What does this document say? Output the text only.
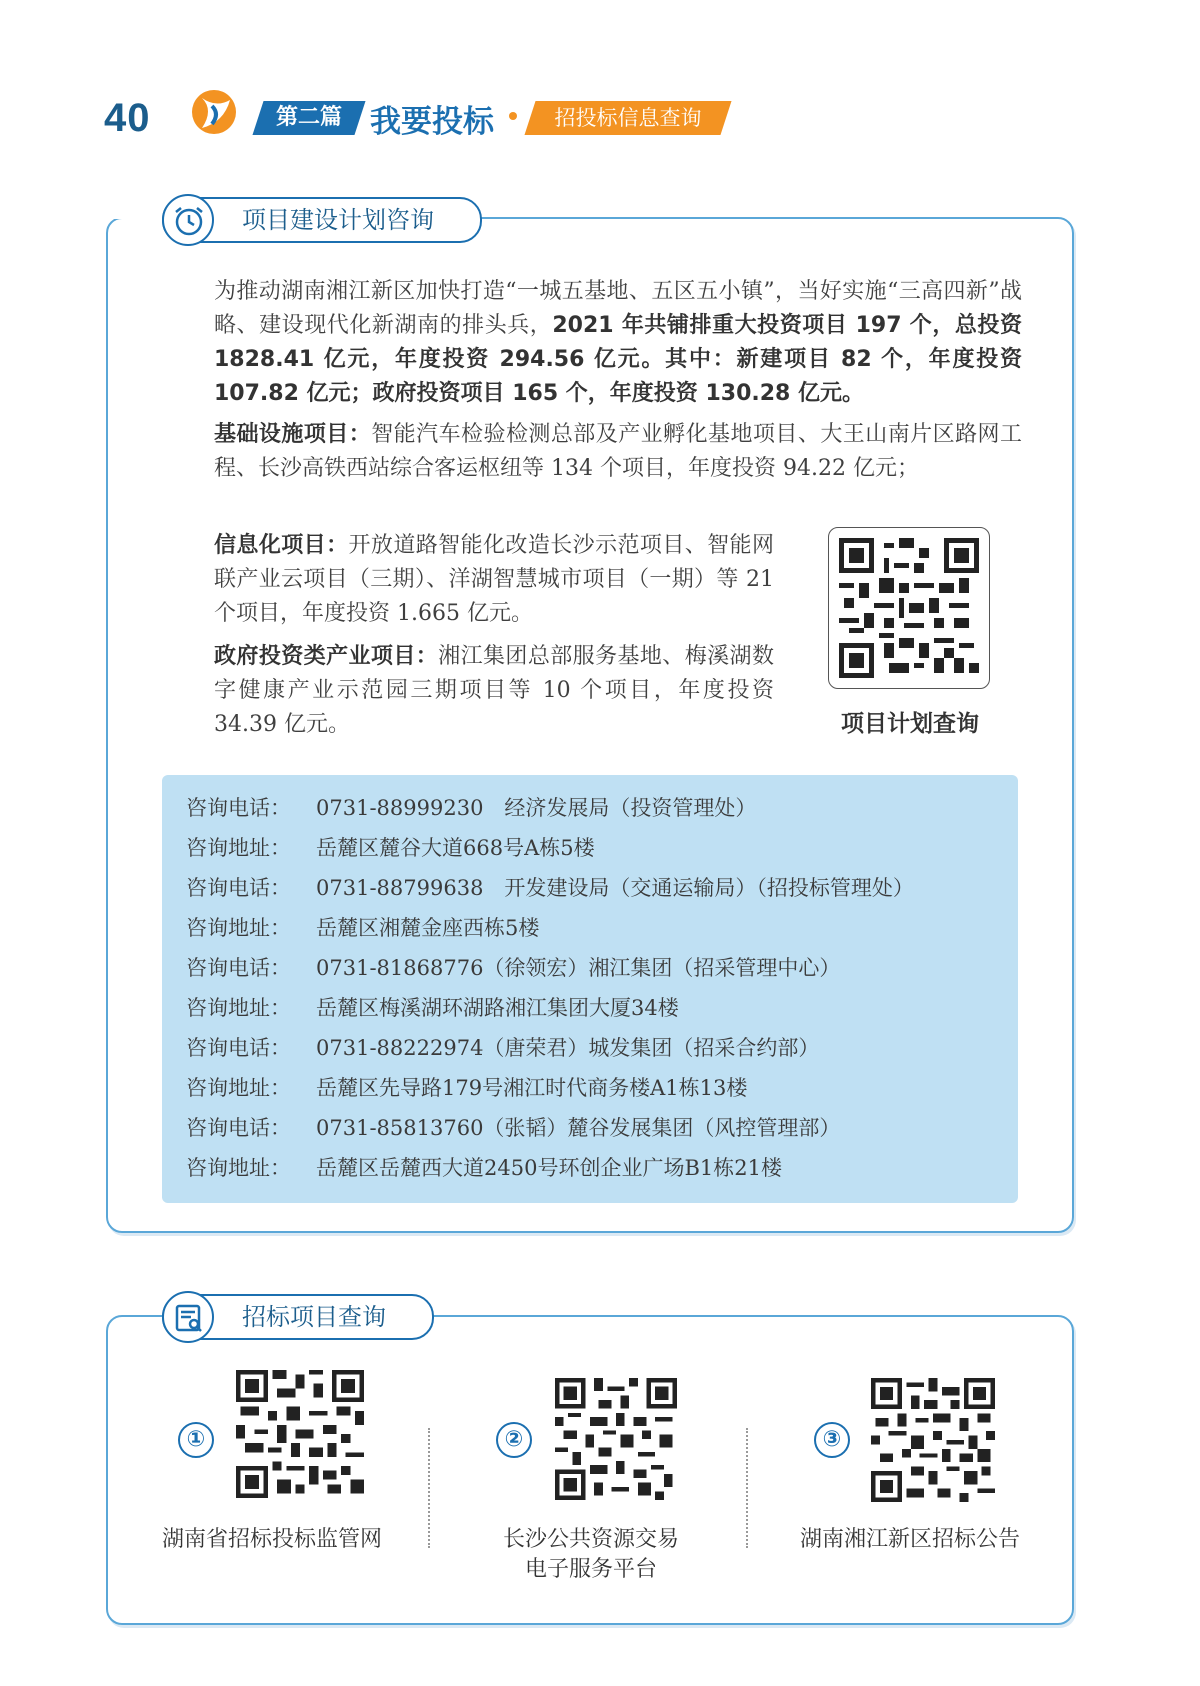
40	第二篇 我要投标	招投标信息查询
项目建设计划咨询

为推动湖南湘江新区加快打造“一城五基地、五区五小镇”，当好实施“三高四新”战略、建设现代化新湖南的排头兵，2021 年共铺排重大投资项目 197 个，总投资 1828.41 亿元，年度投资 294.56 亿元。其中：新建项目 82 个，年度投资 107.82 亿元；政府投资项目 165 个，年度投资 130.28 亿元。

基础设施项目：智能汽车检验检测总部及产业孵化基地项目、大王山南片区路网工程、长沙高铁西站综合客运枢纽等 134 个项目，年度投资 94.22 亿元；

信息化项目：开放道路智能化改造长沙示范项目、智能网联产业云项目（三期）、洋湖智慧城市项目（一期）等 21 个项目，年度投资 1.665 亿元。

政府投资类产业项目：湘江集团总部服务基地、梅溪湖数字健康产业示范园三期项目等 10 个项目，年度投资 34.39 亿元。	项目计划查询
咨询电话： 0731-88999230　经济发展局（投资管理处）
咨询地址： 岳麓区麓谷大道668号A栋5楼
咨询电话： 0731-88799638　开发建设局（交通运输局）（招投标管理处）
咨询地址： 岳麓区湘麓金座西栋5楼
咨询电话： 0731-81868776（徐领宏）湘江集团（招采管理中心）
咨询地址： 岳麓区梅溪湖环湖路湘江集团大厦34楼
咨询电话： 0731-88222974（唐荣君）城发集团（招采合约部）
咨询地址： 岳麓区先导路179号湘江时代商务楼A1栋13楼
咨询电话： 0731-85813760（张韬）麓谷发展集团（风控管理部）
咨询地址： 岳麓区岳麓西大道2450号环创企业广场B1栋21楼
招标项目查询
①
湖南省招标投标监管网
②
长沙公共资源交易
电子服务平台
③
湖南湘江新区招标公告
